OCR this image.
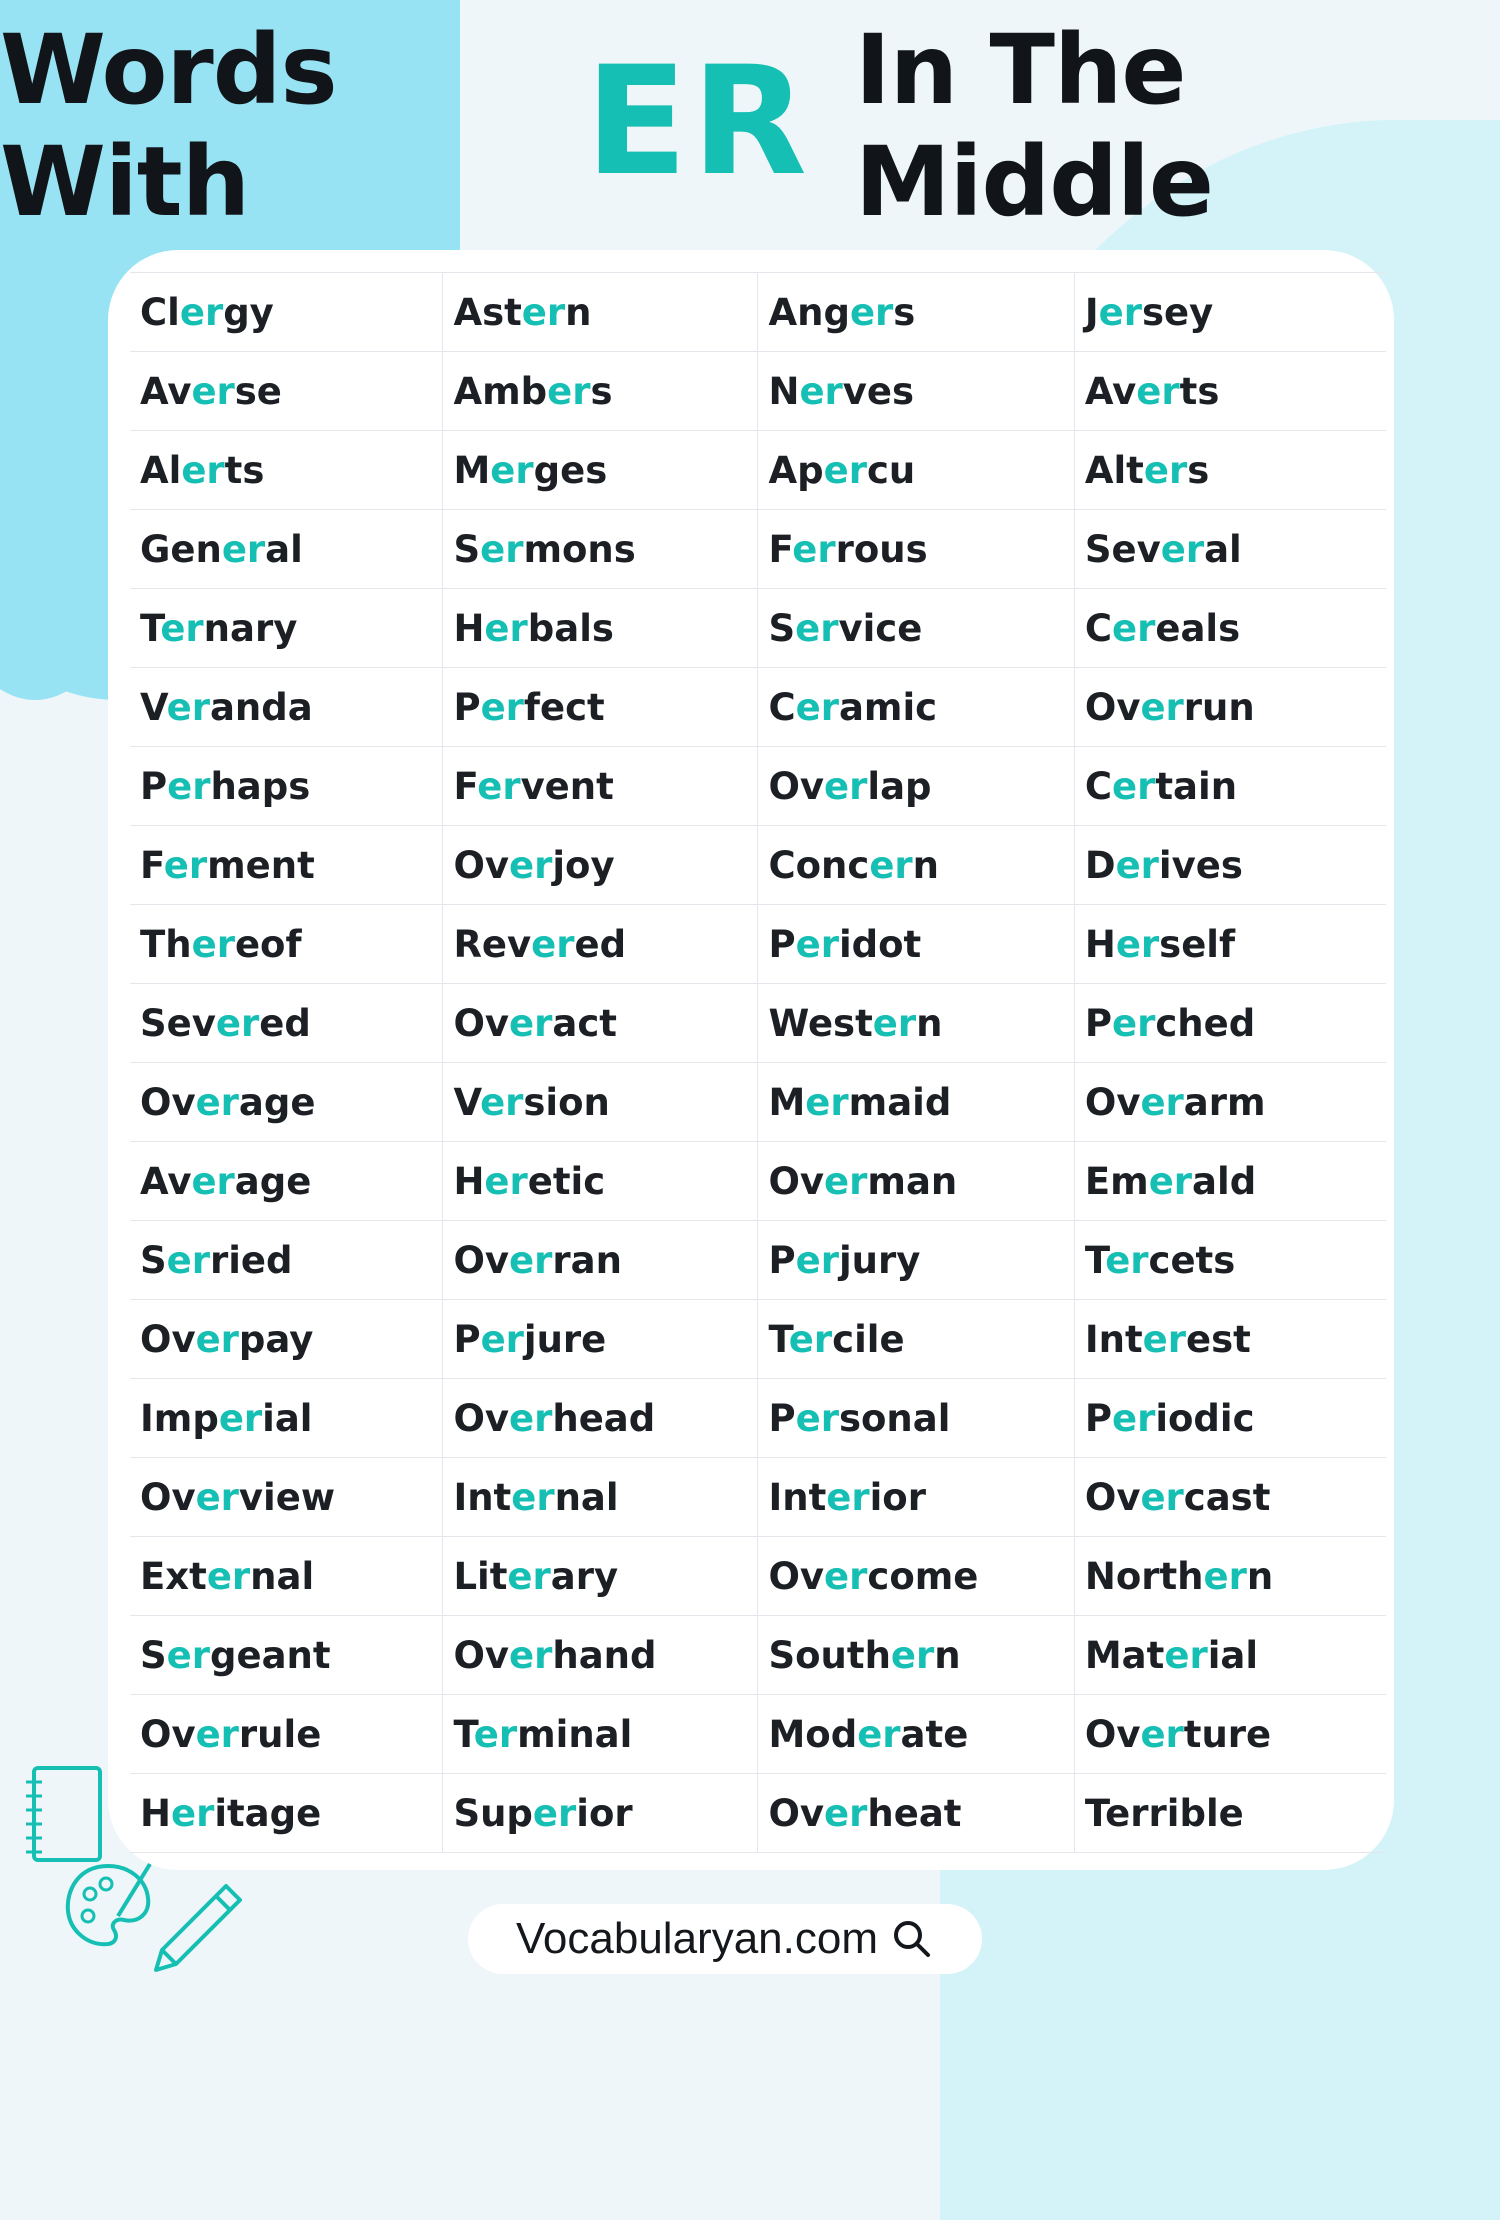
Words With	ER In The Middle
Clergy	Astern	Angers	Jersey
Averse	Ambers	Nerves	Averts
Alerts	Merges	Apercu	Alters
General	Sermons	Ferrous	Several
Ternary	Herbals	Service	Cereals
Veranda	Perfect	Ceramic	Overrun
Perhaps	Fervent	Overlap	Certain
Ferment	Overjoy	Concern	Derives
Thereof	Revered	Peridot	Herself
Severed	Overact	Western	Perched
Overage	Version	Mermaid	Overarm
Average	Heretic	Overman	Emerald
Serried	Overran	Perjury	Tercets
Overpay	Perjure	Tercile	Interest
Imperial	Overhead	Personal	Periodic
Overview	Internal	Interior	Overcast
External	Literary	Overcome	Northern
Sergeant	Overhand	Southern	Material
Overrule	Terminal	Moderate	Overture
Heritage	Superior	Overheat	Terrible
Vocabularyan.com
